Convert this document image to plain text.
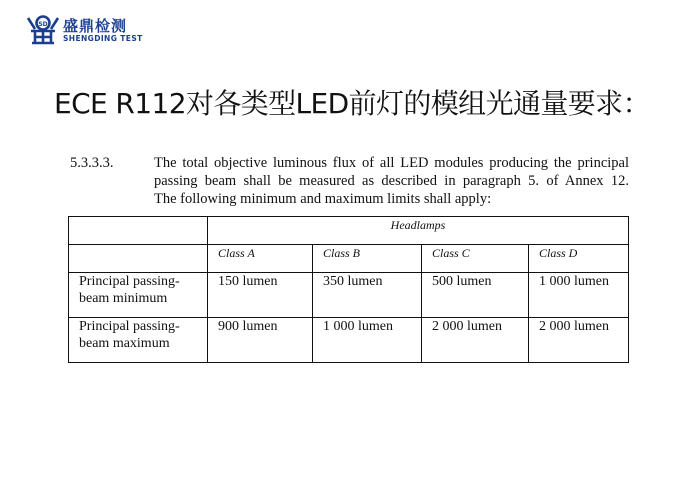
SD 盛鼎检测
SHENGDING TEST
ECE R112对各类型LED前灯的模组光通量要求：
5.3.3.3.	The total objective luminous flux of all LED modules producing the principal
passing beam shall be measured as described in paragraph 5. of Annex 12.
The following minimum and maximum limits shall apply:
	Headlamps			
	Class A	Class B	Class C	Class D
Principal passing-
beam minimum	150 lumen	350 lumen	500 lumen	1 000 lumen
Principal passing-
beam maximum	900 lumen	1 000 lumen	2 000 lumen	2 000 lumen
